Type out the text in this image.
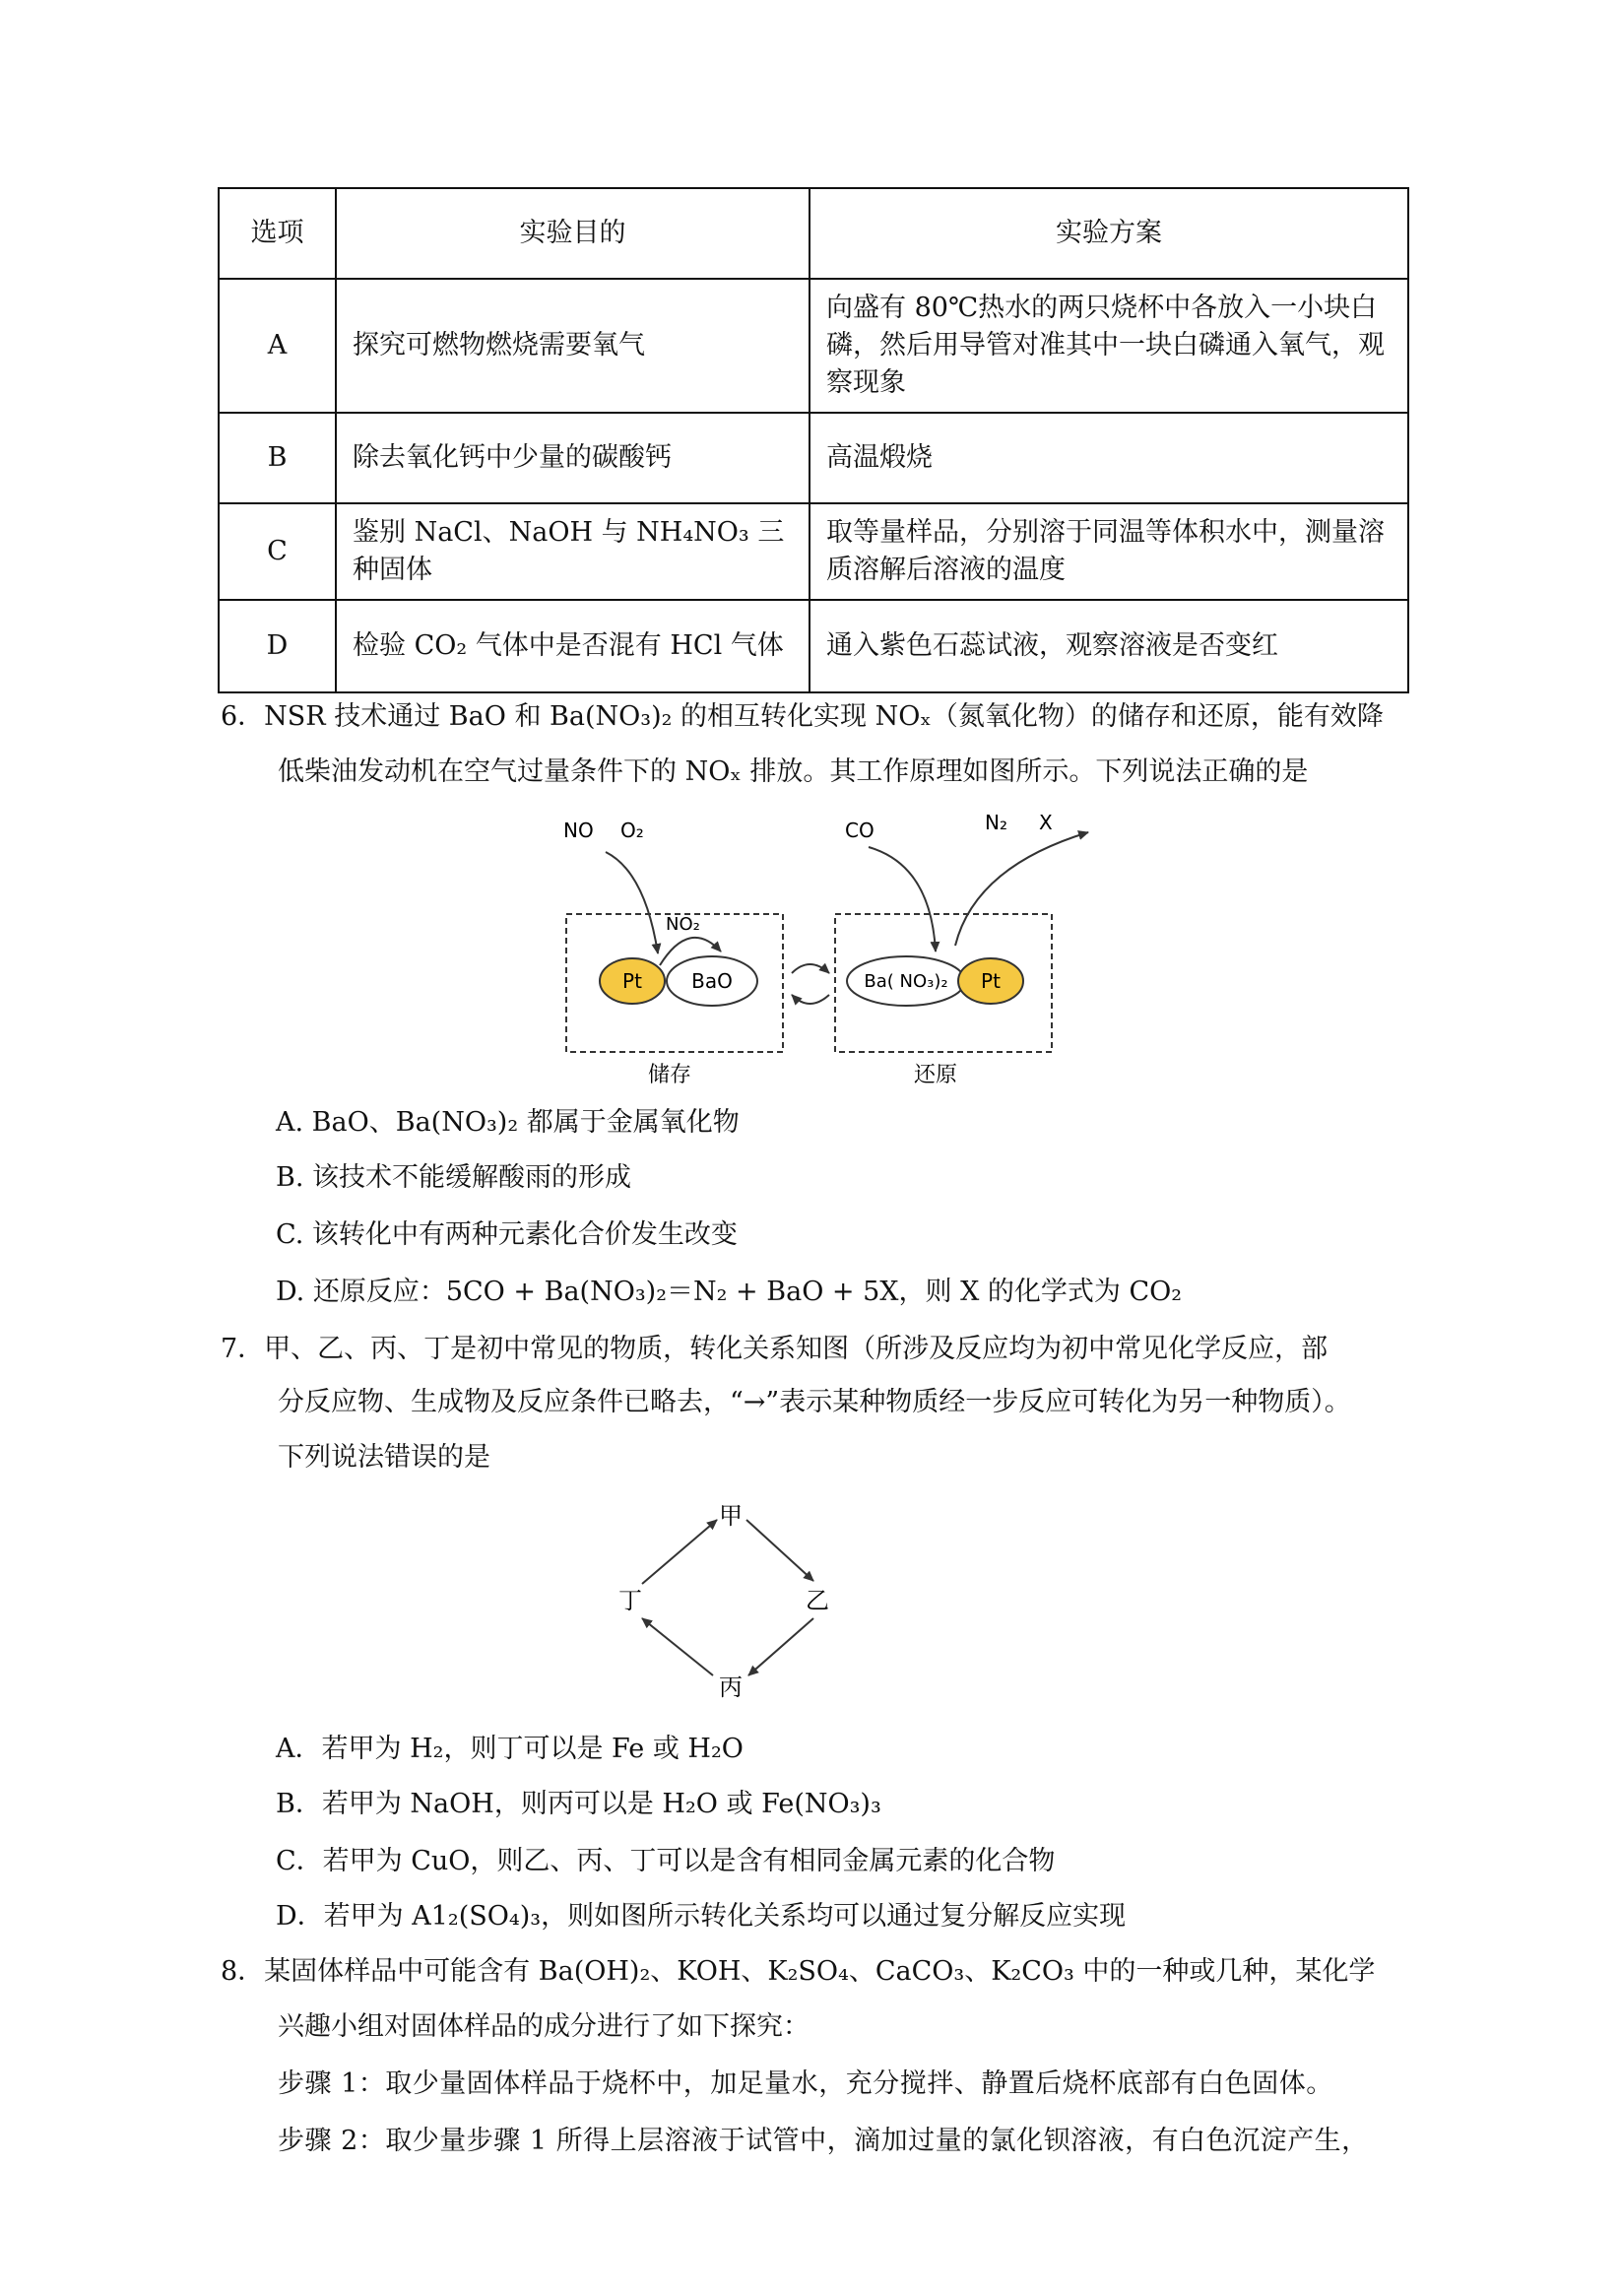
选项	实验目的	实验方案
A	探究可燃物燃烧需要氧气	向盛有 80℃热水的两只烧杯中各放入一小块白磷，然后用导管对准其中一块白磷通入氧气，观察现象
B	除去氧化钙中少量的碳酸钙	高温煅烧
C	鉴别 NaCl、NaOH 与 NH₄NO₃ 三种固体	取等量样品，分别溶于同温等体积水中，测量溶质溶解后溶液的温度
D	检验 CO₂ 气体中是否混有 HCl 气体	通入紫色石蕊试液，观察溶液是否变红
6．NSR 技术通过 BaO 和 Ba(NO₃)₂ 的相互转化实现 NOₓ（氮氧化物）的储存和还原，能有效降
低柴油发动机在空气过量条件下的 NOₓ 排放。其工作原理如图所示。下列说法正确的是
NO O₂
NO₂
Pt	BaO
CO	N₂ X
Ba( NO₃)₂ Pt
储存	还原
A. BaO、Ba(NO₃)₂ 都属于金属氧化物
B. 该技术不能缓解酸雨的形成
C. 该转化中有两种元素化合价发生改变
D. 还原反应：5CO + Ba(NO₃)₂＝N₂ + BaO + 5X，则 X 的化学式为 CO₂
7．甲、乙、丙、丁是初中常见的物质，转化关系知图（所涉及反应均为初中常见化学反应，部
分反应物、生成物及反应条件已略去，“→”表示某种物质经一步反应可转化为另一种物质）。
下列说法错误的是
甲
乙
丙
丁
A．若甲为 H₂，则丁可以是 Fe 或 H₂O
B．若甲为 NaOH，则丙可以是 H₂O 或 Fe(NO₃)₃
C．若甲为 CuO，则乙、丙、丁可以是含有相同金属元素的化合物
D．若甲为 A1₂(SO₄)₃，则如图所示转化关系均可以通过复分解反应实现
8．某固体样品中可能含有 Ba(OH)₂、KOH、K₂SO₄、CaCO₃、K₂CO₃ 中的一种或几种，某化学
兴趣小组对固体样品的成分进行了如下探究：
步骤 1：取少量固体样品于烧杯中，加足量水，充分搅拌、静置后烧杯底部有白色固体。
步骤 2：取少量步骤 1 所得上层溶液于试管中，滴加过量的氯化钡溶液，有白色沉淀产生，
